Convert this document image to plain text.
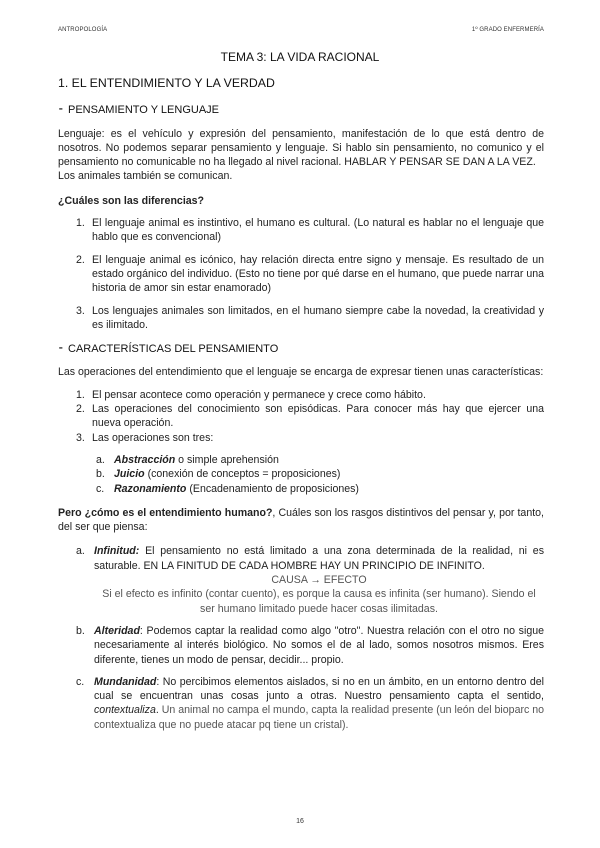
ANTROPOLOGÍA	1º GRADO ENFERMERÍA
TEMA 3: LA VIDA RACIONAL
1. EL ENTENDIMIENTO Y LA VERDAD
⁃ PENSAMIENTO Y LENGUAJE

Lenguaje: es el vehículo y expresión del pensamiento, manifestación de lo que está dentro de nosotros. No podemos separar pensamiento y lenguaje. Si hablo sin pensamiento, no comunico y el pensamiento no comunicable no ha llegado al nivel racional. HABLAR Y PENSAR SE DAN A LA VEZ.

Los animales también se comunican.

¿Cuáles son las diferencias?

1. El lenguaje animal es instintivo, el humano es cultural. (Lo natural es hablar no el lenguaje que hablo que es convencional)
2. El lenguaje animal es icónico, hay relación directa entre signo y mensaje. Es resultado de un estado orgánico del individuo. (Esto no tiene por qué darse en el humano, que puede narrar una historia de amor sin estar enamorado)
3. Los lenguajes animales son limitados, en el humano siempre cabe la novedad, la creatividad y es ilimitado.
⁃ CARACTERÍSTICAS DEL PENSAMIENTO

Las operaciones del entendimiento que el lenguaje se encarga de expresar tienen unas características:

1. El pensar acontece como operación y permanece y crece como hábito.
2. Las operaciones del conocimiento son episódicas. Para conocer más hay que ejercer una nueva operación.
3. Las operaciones son tres:
a. Abstracción o simple aprehensión
b. Juicio (conexión de conceptos = proposiciones)
c. Razonamiento (Encadenamiento de proposiciones)

Pero ¿cómo es el entendimiento humano?, Cuáles son los rasgos distintivos del pensar y, por tanto, del ser que piensa:

a. Infinitud: El pensamiento no está limitado a una zona determinada de la realidad, ni es saturable. EN LA FINITUD DE CADA HOMBRE HAY UN PRINCIPIO DE INFINITO.

CAUSA → EFECTO

Si el efecto es infinito (contar cuento), es porque la causa es infinita (ser humano). Siendo el ser humano limitado puede hacer cosas ilimitadas.

b. Alteridad: Podemos captar la realidad como algo "otro". Nuestra relación con el otro no sigue necesariamente al interés biológico. No somos el de al lado, somos nosotros mismos. Eres diferente, tienes un modo de pensar, decidir... propio.

c. Mundanidad: No percibimos elementos aislados, si no en un ámbito, en un entorno dentro del cual se encuentran unas cosas junto a otras. Nuestro pensamiento capta el sentido, contextualiza. Un animal no campa el mundo, capta la realidad presente (un león del bioparc no contextualiza que no puede atacar pq tiene un cristal).

16
